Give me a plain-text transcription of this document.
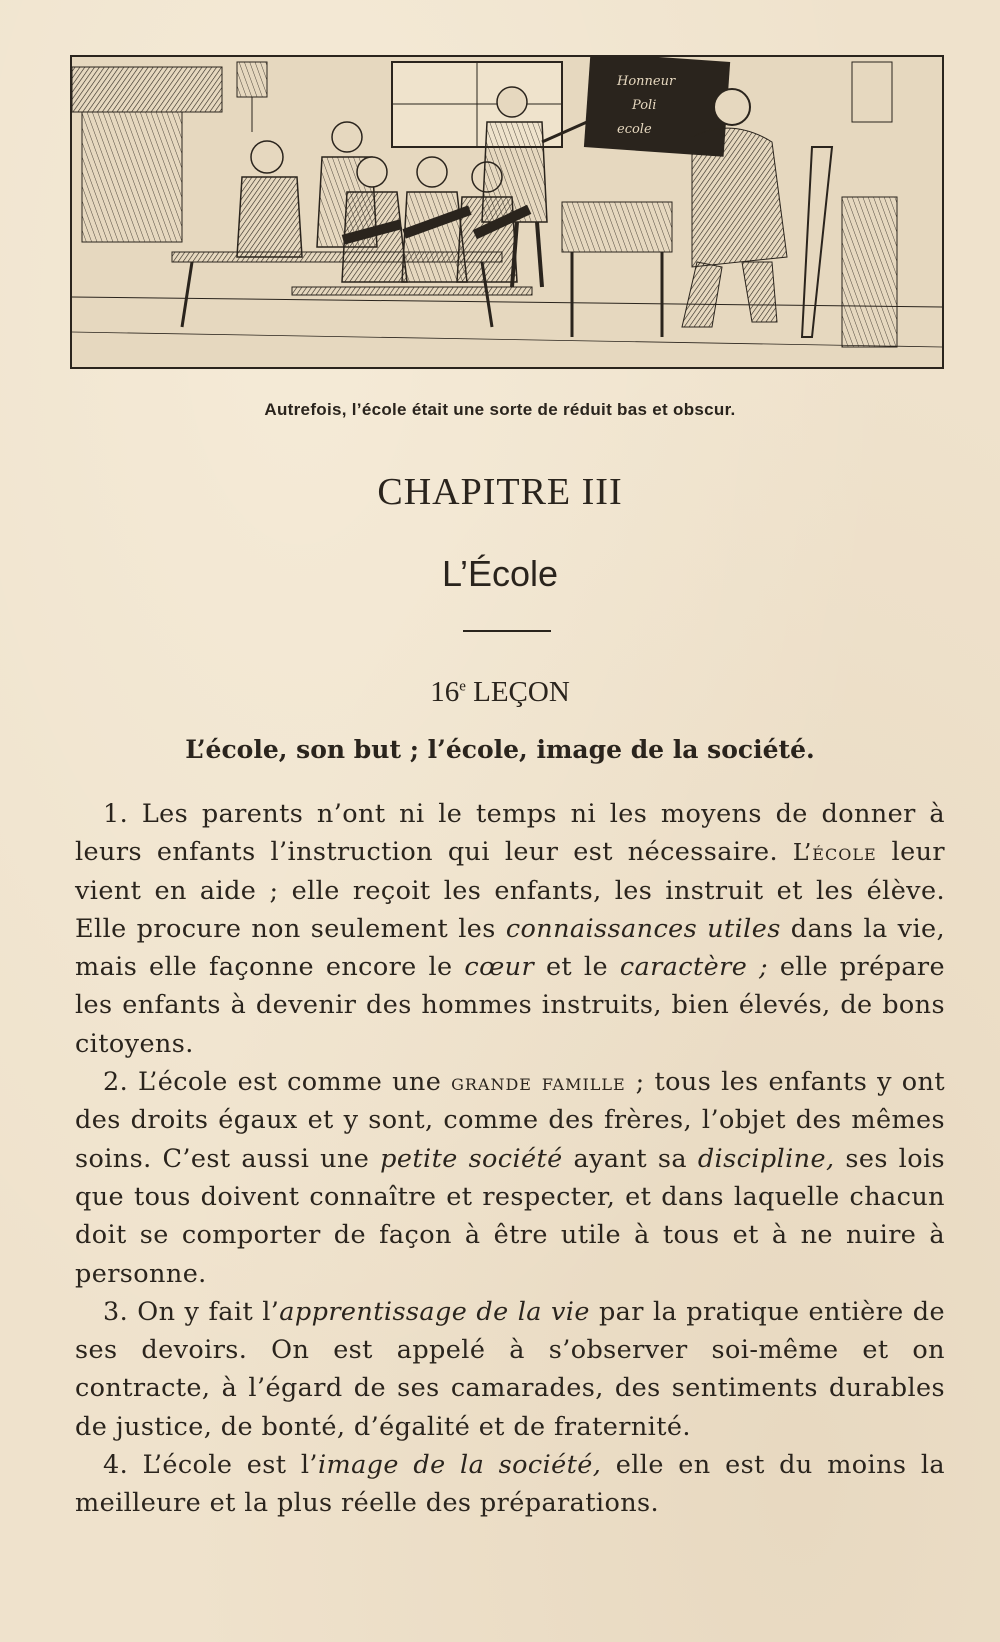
Honneur
Poli
ecole
Autrefois, l’école était une sorte de réduit bas et obscur.
CHAPITRE III
L’École
16e LEÇON
L’école, son but ; l’école, image de la société.

1. Les parents n’ont ni le temps ni les moyens de donner à leurs enfants l’instruction qui leur est nécessaire. L’école leur vient en aide ; elle reçoit les enfants, les instruit et les élève. Elle procure non seulement les connaissances utiles dans la vie, mais elle façonne encore le cœur et le caractère ; elle prépare les enfants à devenir des hommes instruits, bien élevés, de bons citoyens.

2. L’école est comme une grande famille ; tous les enfants y ont des droits égaux et y sont, comme des frères, l’objet des mêmes soins. C’est aussi une petite société ayant sa discipline, ses lois que tous doivent connaître et respecter, et dans laquelle chacun doit se comporter de façon à être utile à tous et à ne nuire à personne.

3. On y fait l’apprentissage de la vie par la pratique entière de ses devoirs. On est appelé à s’observer soi-même et on contracte, à l’égard de ses camarades, des sentiments durables de justice, de bonté, d’égalité et de fraternité.

4. L’école est l’image de la société, elle en est du moins la meilleure et la plus réelle des préparations.
